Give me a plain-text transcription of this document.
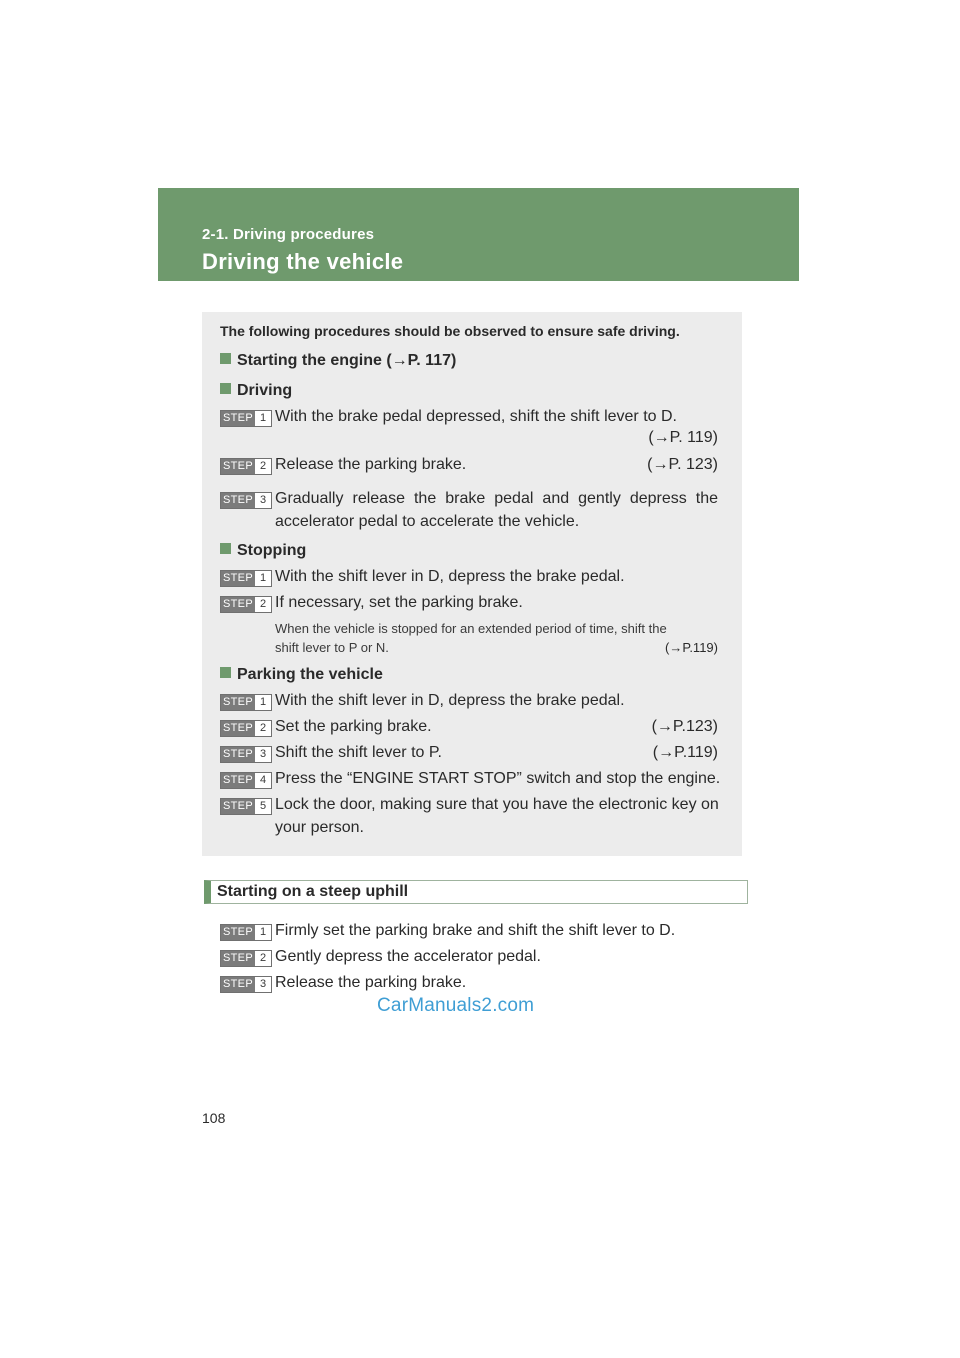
2-1. Driving procedures
Driving the vehicle
The following procedures should be observed to ensure safe driving.
Starting the engine (→P. 117)
Driving
STEP 1 With the brake pedal depressed, shift the shift lever to D.
(→P. 119)
STEP 2 Release the parking brake.	(→P. 123)
STEP 3 Gradually release the brake pedal and gently depress the
accelerator pedal to accelerate the vehicle.
Stopping
STEP 1 With the shift lever in D, depress the brake pedal.
STEP 2 If necessary, set the parking brake.
When the vehicle is stopped for an extended period of time, shift the
shift lever to P or N.	(→P.119)
Parking the vehicle
STEP 1 With the shift lever in D, depress the brake pedal.
STEP 2 Set the parking brake.	(→P.123)
STEP 3 Shift the shift lever to P.	(→P.119)
STEP 4 Press the “ENGINE START STOP” switch and stop the engine.
STEP 5 Lock the door, making sure that you have the electronic key on
your person.
Starting on a steep uphill
STEP 1 Firmly set the parking brake and shift the shift lever to D.
STEP 2 Gently depress the accelerator pedal.
STEP 3 Release the parking brake.
CarManuals2.com
108
